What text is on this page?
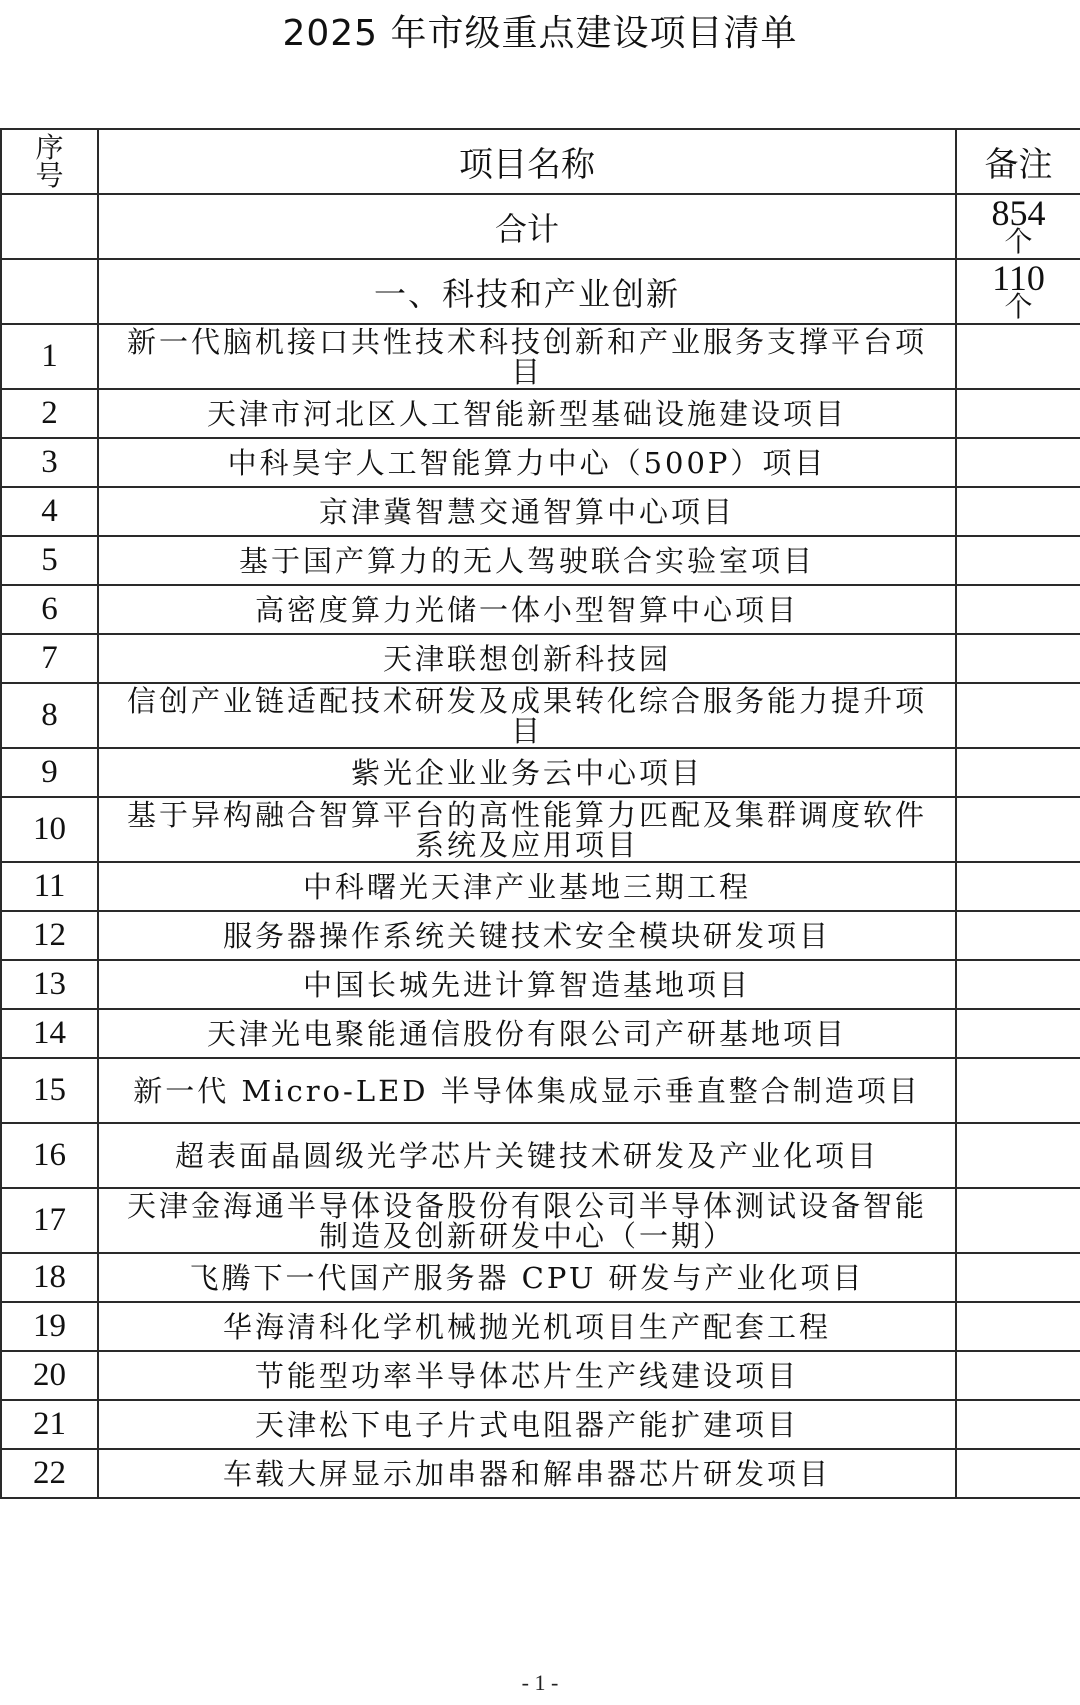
2025 年市级重点建设项目清单
序
号	项目名称	备注
	合计	854
个

	一、科技和产业创新	110
个

1	新一代脑机接口共性技术科技创新和产业服务支撑平台项目	
2	天津市河北区人工智能新型基础设施建设项目	
3	中科昊宇人工智能算力中心（500P）项目	
4	京津冀智慧交通智算中心项目	
5	基于国产算力的无人驾驶联合实验室项目	
6	高密度算力光储一体小型智算中心项目	
7	天津联想创新科技园	
8	信创产业链适配技术研发及成果转化综合服务能力提升项目	
9	紫光企业业务云中心项目	
10	基于异构融合智算平台的高性能算力匹配及集群调度软件系统及应用项目	
11	中科曙光天津产业基地三期工程	
12	服务器操作系统关键技术安全模块研发项目	
13	中国长城先进计算智造基地项目	
14	天津光电聚能通信股份有限公司产研基地项目	
15	新一代 Micro-LED 半导体集成显示垂直整合制造项目	
16	超表面晶圆级光学芯片关键技术研发及产业化项目	
17	天津金海通半导体设备股份有限公司半导体测试设备智能制造及创新研发中心（一期）	
18	飞腾下一代国产服务器 CPU 研发与产业化项目	
19	华海清科化学机械抛光机项目生产配套工程	
20	节能型功率半导体芯片生产线建设项目	
21	天津松下电子片式电阻器产能扩建项目	
22	车载大屏显示加串器和解串器芯片研发项目	
- 1 -
